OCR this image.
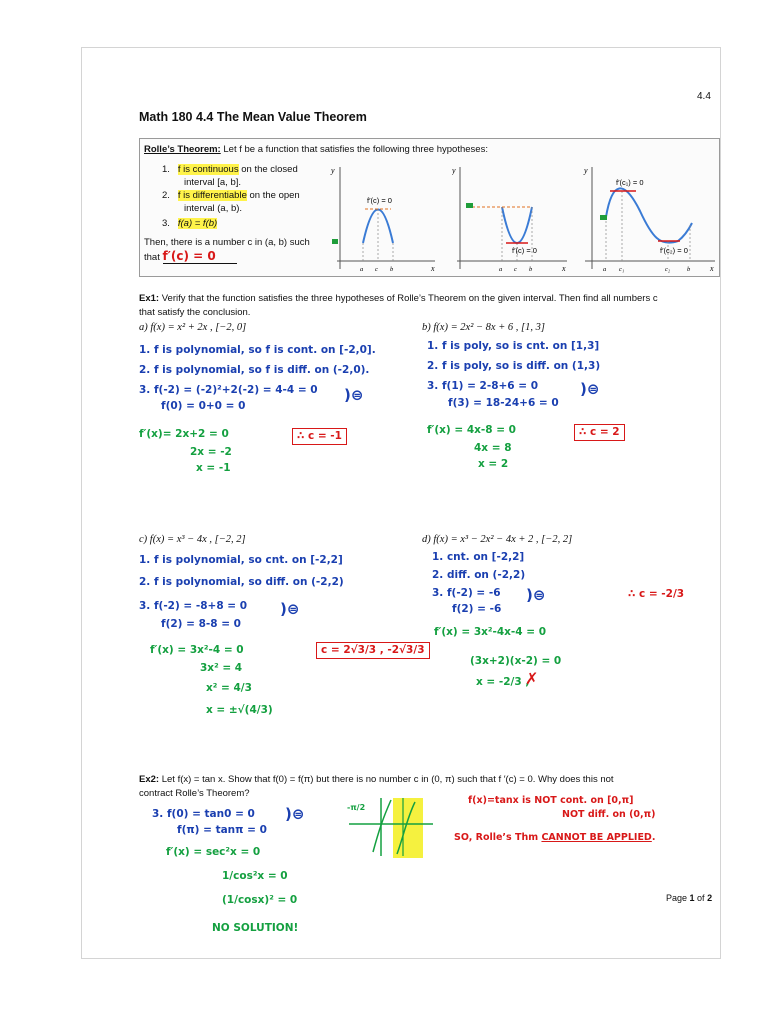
4.4
Math 180 4.4 The Mean Value Theorem
Rolle’s Theorem: Let f be a function that satisfies the following three hypotheses:
1. f is continuous on the closed
interval [a, b].
2. f is differentiable on the open
interval (a, b).
3. f(a) = f(b)
Then, there is a number c in (a, b) such
that f′(c) = 0
y
x
f′(c) = 0
a c b
y
x
f′(c) = 0
a c b
y
x
f′(c₁) = 0
f′(c₂) = 0
a c₁	c₂	b
Ex1: Verify that the function satisfies the three hypotheses of Rolle’s Theorem on the given interval. Then find all numbers c
that satisfy the conclusion.
a) f(x) = x² + 2x , [−2, 0]
1. f is polynomial, so f is cont. on [-2,0].
2. f is polynomial, so f is diff. on (-2,0).
3. f(-2) = (-2)²+2(-2) = 4-4 = 0
f(0) = 0+0 = 0
)⊜
f′(x)= 2x+2 = 0
2x = -2
x = -1
∴ c = -1
b) f(x) = 2x² − 8x + 6 , [1, 3]
1. f is poly, so is cnt. on [1,3]
2. f is poly, so is diff. on (1,3)
3. f(1) = 2-8+6 = 0
f(3) = 18-24+6 = 0
)⊜
f′(x) = 4x-8 = 0
4x = 8
x = 2
∴ c = 2
c) f(x) = x³ − 4x , [−2, 2]
1. f is polynomial, so cnt. on [-2,2]
2. f is polynomial, so diff. on (-2,2)
3. f(-2) = -8+8 = 0
f(2) = 8-8 = 0
)⊜
f′(x) = 3x²-4 = 0
3x² = 4
x² = 4/3
x = ±√(4/3)
c = 2√3/3 , -2√3/3
d) f(x) = x³ − 2x² − 4x + 2 , [−2, 2]
1. cnt. on [-2,2]
2. diff. on (-2,2)
3. f(-2) = -6
f(2) = -6
)⊜
f′(x) = 3x²-4x-4 = 0
(3x+2)(x-2) = 0
x = -2/3 ,
✗
∴ c = -2/3
Ex2: Let f(x) = tan x. Show that f(0) = f(π) but there is no number c in (0, π) such that f ′(c) = 0. Why does this not
contract Rolle’s Theorem?
3. f(0) = tan0 = 0
f(π) = tanπ = 0
)⊜
f′(x) = sec²x = 0
1/cos²x = 0
(1/cosx)² = 0
NO SOLUTION!
-π/2
f(x)=tanx is NOT cont. on [0,π]
NOT diff. on (0,π)
SO, Rolle’s Thm CANNOT BE APPLIED.
Page 1 of 2
